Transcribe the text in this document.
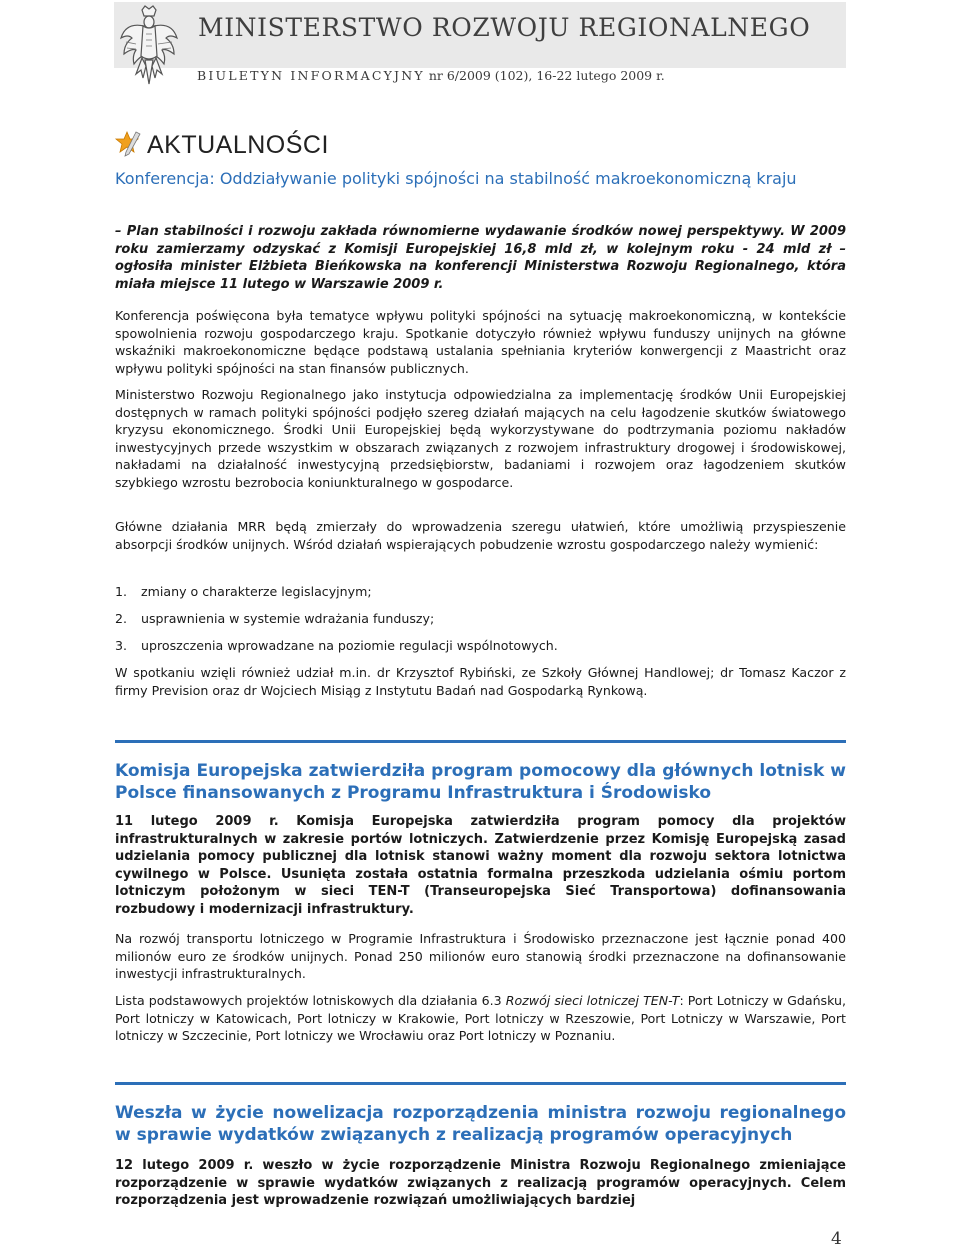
MINISTERSTWO ROZWOJU REGIONALNEGO
BIULETYN INFORMACYJNY nr 6/2009 (102), 16-22 lutego 2009 r.
AKTUALNOŚCI

Konferencja: Oddziaływanie polityki spójności na stabilność makroekonomiczną kraju

– Plan stabilności i rozwoju zakłada równomierne wydawanie środków nowej perspektywy. W 2009 roku zamierzamy odzyskać z Komisji Europejskiej 16,8 mld zł, w kolejnym roku - 24 mld zł – ogłosiła minister Elżbieta Bieńkowska na konferencji Ministerstwa Rozwoju Regionalnego, która miała miejsce 11 lutego w Warszawie 2009 r.

Konferencja poświęcona była tematyce wpływu polityki spójności na sytuację makroekonomiczną, w kontekście spowolnienia rozwoju gospodarczego kraju. Spotkanie dotyczyło również wpływu funduszy unijnych na główne wskaźniki makroekonomiczne będące podstawą ustalania spełniania kryteriów konwergencji z Maastricht oraz wpływu polityki spójności na stan finansów publicznych.

Ministerstwo Rozwoju Regionalnego jako instytucja odpowiedzialna za implementację środków Unii Europejskiej dostępnych w ramach polityki spójności podjęło szereg działań mających na celu łagodzenie skutków światowego kryzysu ekonomicznego. Środki Unii Europejskiej będą wykorzystywane do podtrzymania poziomu nakładów inwestycyjnych przede wszystkim w obszarach związanych z rozwojem infrastruktury drogowej i środowiskowej, nakładami na działalność inwestycyjną przedsiębiorstw, badaniami i rozwojem oraz łagodzeniem skutków szybkiego wzrostu bezrobocia koniunkturalnego w gospodarce.

Główne działania MRR będą zmierzały do wprowadzenia szeregu ułatwień, które umożliwią przyspieszenie absorpcji środków unijnych. Wśród działań wspierających pobudzenie wzrostu gospodarczego należy wymienić:

1. zmiany o charakterze legislacyjnym;

2. usprawnienia w systemie wdrażania funduszy;

3. uproszczenia wprowadzane na poziomie regulacji wspólnotowych.

W spotkaniu wzięli również udział m.in. dr Krzysztof Rybiński, ze Szkoły Głównej Handlowej; dr Tomasz Kaczor z firmy Prevision oraz dr Wojciech Misiąg z Instytutu Badań nad Gospodarką Rynkową.

Komisja Europejska zatwierdziła program pomocowy dla głównych lotnisk w Polsce finansowanych z Programu Infrastruktura i Środowisko

11 lutego 2009 r. Komisja Europejska zatwierdziła program pomocy dla projektów infrastrukturalnych w zakresie portów lotniczych. Zatwierdzenie przez Komisję Europejską zasad udzielania pomocy publicznej dla lotnisk stanowi ważny moment dla rozwoju sektora lotnictwa cywilnego w Polsce. Usunięta została ostatnia formalna przeszkoda udzielania ośmiu portom lotniczym położonym w sieci TEN-T (Transeuropejska Sieć Transportowa) dofinansowania rozbudowy i modernizacji infrastruktury.

Na rozwój transportu lotniczego w Programie Infrastruktura i Środowisko przeznaczone jest łącznie ponad 400 milionów euro ze środków unijnych. Ponad 250 milionów euro stanowią środki przeznaczone na dofinansowanie inwestycji infrastrukturalnych.

Lista podstawowych projektów lotniskowych dla działania 6.3 Rozwój sieci lotniczej TEN-T: Port Lotniczy w Gdańsku, Port lotniczy w Katowicach, Port lotniczy w Krakowie, Port lotniczy w Rzeszowie, Port Lotniczy w Warszawie, Port lotniczy w Szczecinie, Port lotniczy we Wrocławiu oraz Port lotniczy w Poznaniu.

Weszła w życie nowelizacja rozporządzenia ministra rozwoju regionalnego w sprawie wydatków związanych z realizacją programów operacyjnych

12 lutego 2009 r. weszło w życie rozporządzenie Ministra Rozwoju Regionalnego zmieniające rozporządzenie w sprawie wydatków związanych z realizacją programów operacyjnych. Celem rozporządzenia jest wprowadzenie rozwiązań umożliwiających bardziej

4
